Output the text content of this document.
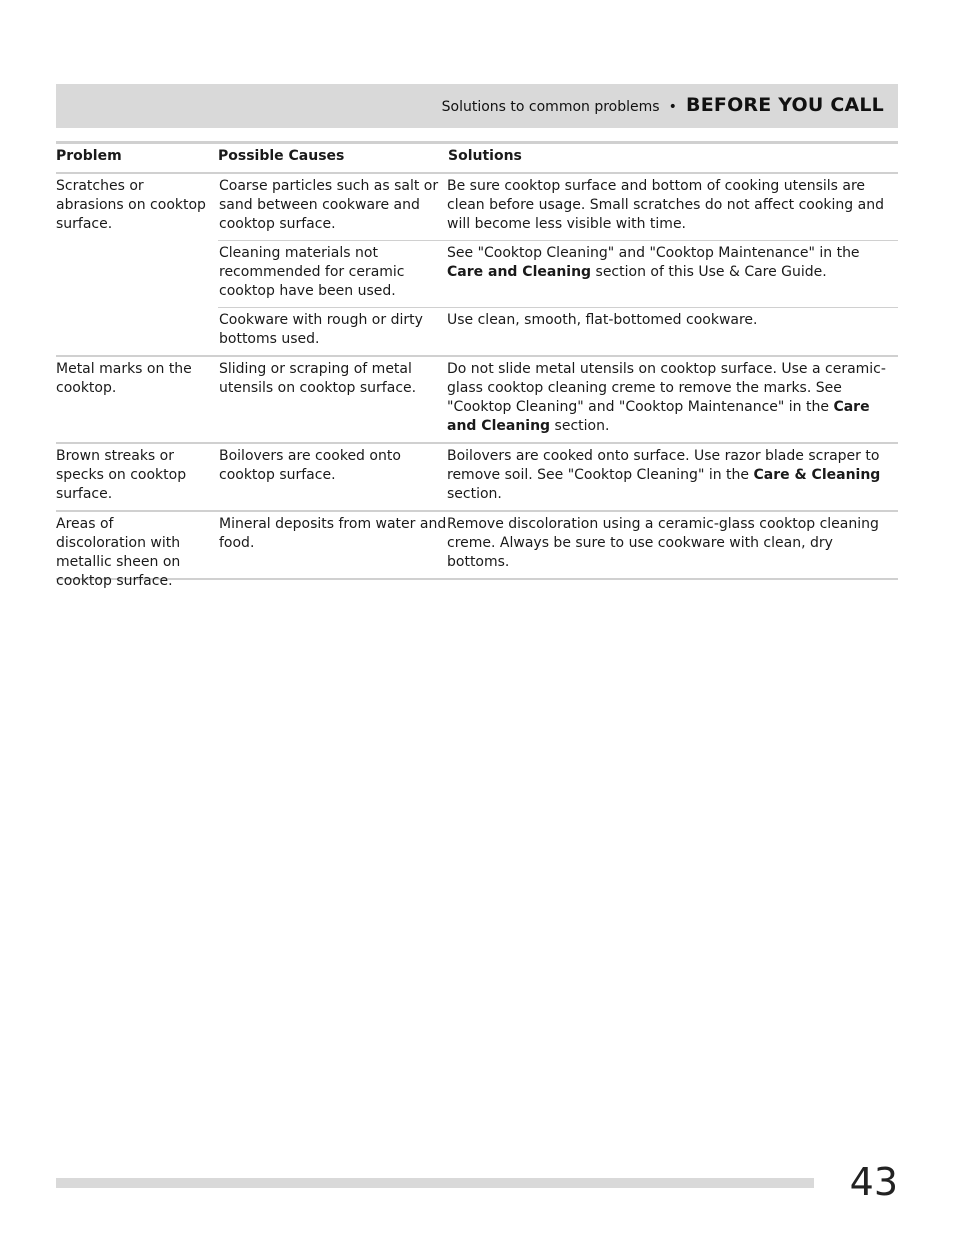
Solutions to common problems • BEFORE YOU CALL
Problem	Possible Causes	Solutions
Scratches or abrasions on cooktop surface.
Coarse particles such as salt or sand between cookware and cooktop surface.
Be sure cooktop surface and bottom of cooking utensils are clean before usage. Small scratches do not affect cooking and will become less visible with time.
Cleaning materials not recommended for ceramic cooktop have been used.
See "Cooktop Cleaning" and "Cooktop Maintenance" in the Care and Cleaning section of this Use & Care Guide.
Cookware with rough or dirty bottoms used.
Use clean, smooth, flat-bottomed cookware.
Metal marks on the cooktop.
Sliding or scraping of metal utensils on cooktop surface.
Do not slide metal utensils on cooktop surface. Use a ceramic-glass cooktop cleaning creme to remove the marks. See "Cooktop Cleaning" and "Cooktop Maintenance" in the Care and Cleaning section.
Brown streaks or specks on cooktop surface.
Boilovers are cooked onto cooktop surface.
Boilovers are cooked onto surface. Use razor blade scraper to remove soil. See "Cooktop Cleaning" in the Care & Cleaning section.
Areas of discoloration with metallic sheen on cooktop surface.
Mineral deposits from water and food.
Remove discoloration using a ceramic-glass cooktop cleaning creme. Always be sure to use cookware with clean, dry bottoms.
43
